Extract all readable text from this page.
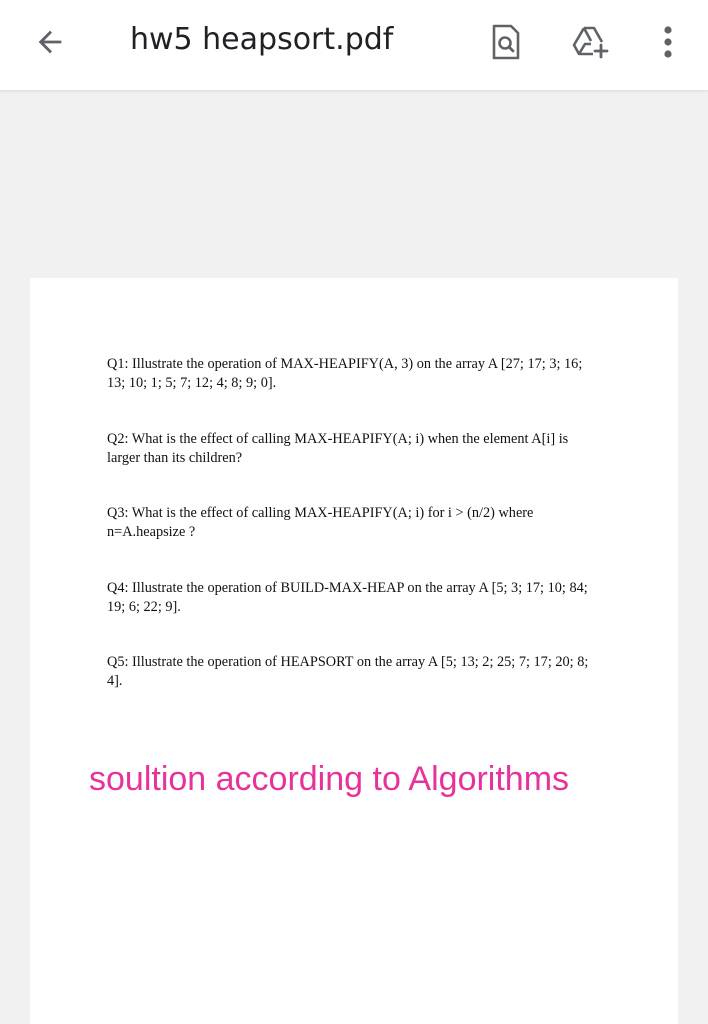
hw5 heapsort.pdf
Q1: Illustrate the operation of MAX-HEAPIFY(A, 3) on the array A [27; 17; 3; 16; 13; 10; 1; 5; 7; 12; 4; 8; 9; 0].
Q2: What is the effect of calling MAX-HEAPIFY(A; i) when the element A[i] is larger than its children?
Q3: What is the effect of calling MAX-HEAPIFY(A; i) for i > (n/2) where n=A.heapsize ?
Q4: Illustrate the operation of BUILD-MAX-HEAP on the array A [5; 3; 17; 10; 84; 19; 6; 22; 9].
Q5: Illustrate the operation of HEAPSORT on the array A [5; 13; 2; 25; 7; 17; 20; 8; 4].
soultion according to Algorithms
